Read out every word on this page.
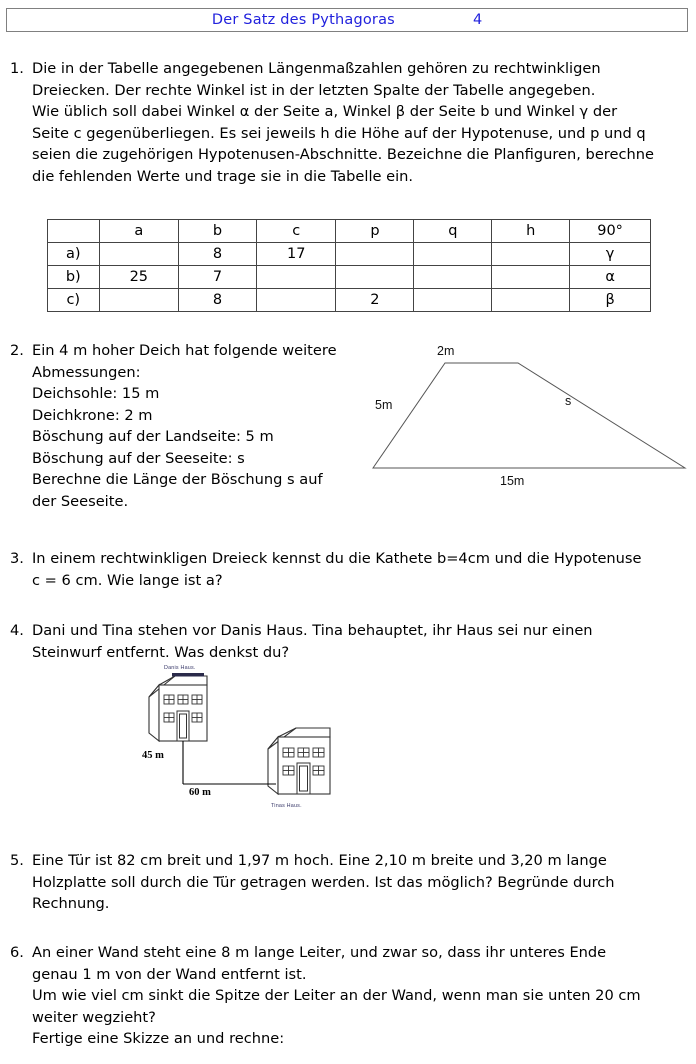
Der Satz des Pythagoras	4
1. Die in der Tabelle angegebenen Längenmaßzahlen gehören zu rechtwinkligen
Dreiecken. Der rechte Winkel ist in der letzten Spalte der Tabelle angegeben.
Wie üblich soll dabei Winkel α der Seite a, Winkel β der Seite b und Winkel γ der
Seite c gegenüberliegen. Es sei jeweils h die Höhe auf der Hypotenuse, und p und q
seien die zugehörigen Hypotenusen-Abschnitte. Bezeichne die Planfiguren, berechne
die fehlenden Werte und trage sie in die Tabelle ein.
	a	b	c	p	q	h	90°
a)		8	17				γ
b)	25	7					α
c)		8		2			β
2. Ein 4 m hoher Deich hat folgende weitere
Abmessungen:
Deichsohle: 15 m
Deichkrone: 2 m
Böschung auf der Landseite: 5 m
Böschung auf der Seeseite: s
Berechne die Länge der Böschung s auf
der Seeseite.
2m
5m	s
15m
3. In einem rechtwinkligen Dreieck kennst du die Kathete b=4cm und die Hypotenuse
c = 6 cm. Wie lange ist a?
4. Dani und Tina stehen vor Danis Haus. Tina behauptet, ihr Haus sei nur einen
Steinwurf entfernt. Was denkst du?
Danis Haus.
Tinas Haus.
45 m
60 m
5. Eine Tür ist 82 cm breit und 1,97 m hoch. Eine 2,10 m breite und 3,20 m lange
Holzplatte soll durch die Tür getragen werden. Ist das möglich? Begründe durch
Rechnung.
6. An einer Wand steht eine 8 m lange Leiter, und zwar so, dass ihr unteres Ende
genau 1 m von der Wand entfernt ist.
Um wie viel cm sinkt die Spitze der Leiter an der Wand, wenn man sie unten 20 cm
weiter wegzieht?
Fertige eine Skizze an und rechne:
